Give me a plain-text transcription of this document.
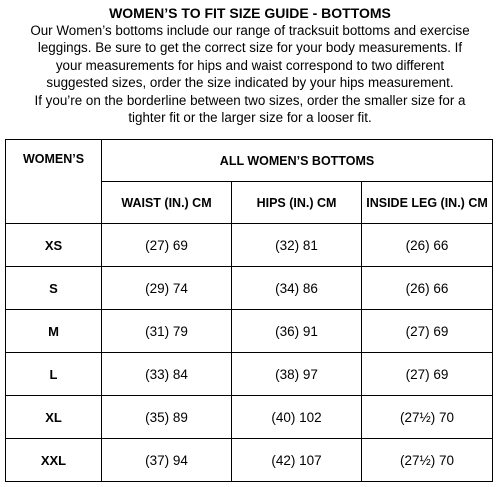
WOMEN’S TO FIT SIZE GUIDE - BOTTOMS

Our Women’s bottoms include our range of tracksuit bottoms and exercise

leggings. Be sure to get the correct size for your body measurements. If

your measurements for hips and waist correspond to two different

suggested sizes, order the size indicated by your hips measurement.

If you’re on the borderline between two sizes, order the smaller size for a

tighter fit or the larger size for a looser fit.

WOMEN’S	ALL WOMEN’S BOTTOMS		
	WAIST (IN.) CM	HIPS (IN.) CM	INSIDE LEG (IN.) CM
XS	(27) 69	(32) 81	(26) 66
S	(29) 74	(34) 86	(26) 66
M	(31) 79	(36) 91	(27) 69
L	(33) 84	(38) 97	(27) 69
XL	(35) 89	(40) 102	(27½) 70
XXL	(37) 94	(42) 107	(27½) 70
